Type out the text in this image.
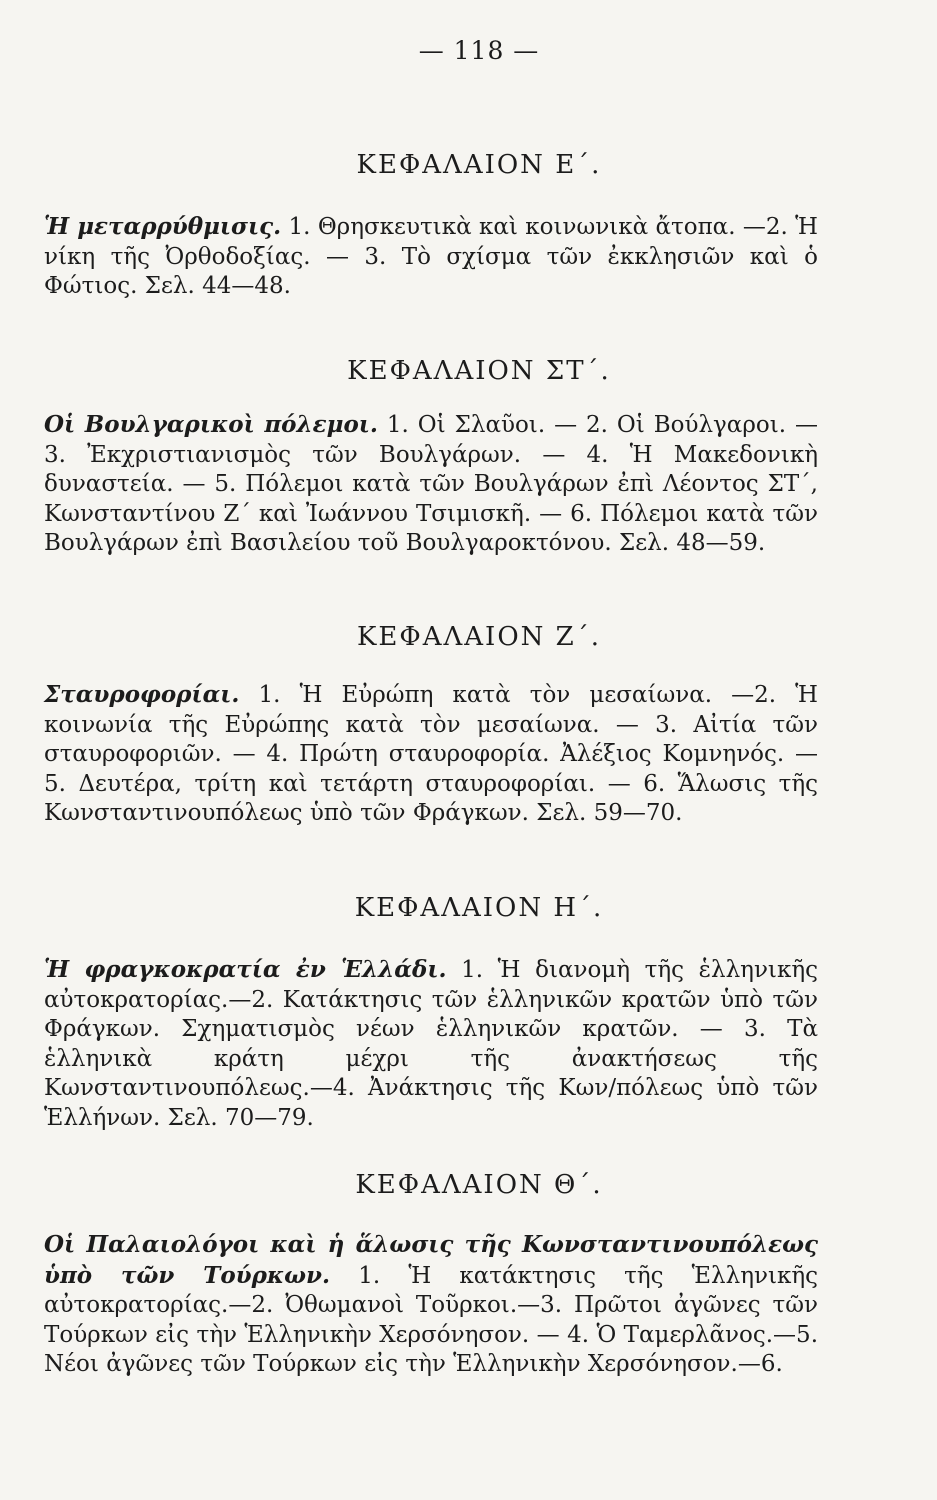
— 118 —
ΚΕΦΑΛΑΙΟΝ Ε΄.
Ἡ μεταρρύθμισις. 1. Θρησκευτικὰ καὶ κοινωνικὰ ἄτοπα. —2. Ἡ νίκη τῆς Ὀρθοδοξίας. — 3. Τὸ σχίσμα τῶν ἐκκλησιῶν καὶ ὁ Φώτιος. Σελ. 44—48.
ΚΕΦΑΛΑΙΟΝ ΣΤ΄.
Οἱ Βουλγαρικοὶ πόλεμοι. 1. Οἱ Σλαῦοι. — 2. Οἱ Βούλγαροι. — 3. Ἐκχριστιανισμὸς τῶν Βουλγάρων. — 4. Ἡ Μακεδονικὴ δυναστεία. — 5. Πόλεμοι κατὰ τῶν Βουλγάρων ἐπὶ Λέοντος ΣΤ΄, Κωνσταντίνου Ζ΄ καὶ Ἰωάννου Τσιμισκῆ. — 6. Πόλεμοι κατὰ τῶν Βουλγάρων ἐπὶ Βασιλείου τοῦ Βουλγαροκτόνου. Σελ. 48—59.
ΚΕΦΑΛΑΙΟΝ Ζ΄.
Σταυροφορίαι. 1. Ἡ Εὐρώπη κατὰ τὸν μεσαίωνα. —2. Ἡ κοινωνία τῆς Εὐρώπης κατὰ τὸν μεσαίωνα. — 3. Αἰτία τῶν σταυροφοριῶν. — 4. Πρώτη σταυροφορία. Ἀλέξιος Κομνηνός. — 5. Δευτέρα, τρίτη καὶ τετάρτη σταυροφορίαι. — 6. Ἅλωσις τῆς Κωνσταντινουπόλεως ὑπὸ τῶν Φράγκων. Σελ. 59—70.
ΚΕΦΑΛΑΙΟΝ Η΄.
Ἡ φραγκοκρατία ἐν Ἑλλάδι. 1. Ἡ διανομὴ τῆς ἑλληνικῆς αὐτοκρατορίας.—2. Κατάκτησις τῶν ἑλληνικῶν κρατῶν ὑπὸ τῶν Φράγκων. Σχηματισμὸς νέων ἑλληνικῶν κρατῶν. — 3. Τὰ ἑλληνικὰ κράτη μέχρι τῆς ἀνακτήσεως τῆς Κωνσταντινουπόλεως.—4. Ἀνάκτησις τῆς Κων/πόλεως ὑπὸ τῶν Ἑλλήνων. Σελ. 70—79.
ΚΕΦΑΛΑΙΟΝ Θ΄.
Οἱ Παλαιολόγοι καὶ ἡ ἅλωσις τῆς Κωνσταντινουπόλεως ὑπὸ τῶν Τούρκων. 1. Ἡ κατάκτησις τῆς Ἑλληνικῆς αὐτοκρατορίας.—2. Ὀθωμανοὶ Τοῦρκοι.—3. Πρῶτοι ἀγῶνες τῶν Τούρκων εἰς τὴν Ἑλληνικὴν Χερσόνησον. — 4. Ὁ Ταμερλᾶνος.—5. Νέοι ἀγῶνες τῶν Τούρκων εἰς τὴν Ἑλληνικὴν Χερσόνησον.—6.
